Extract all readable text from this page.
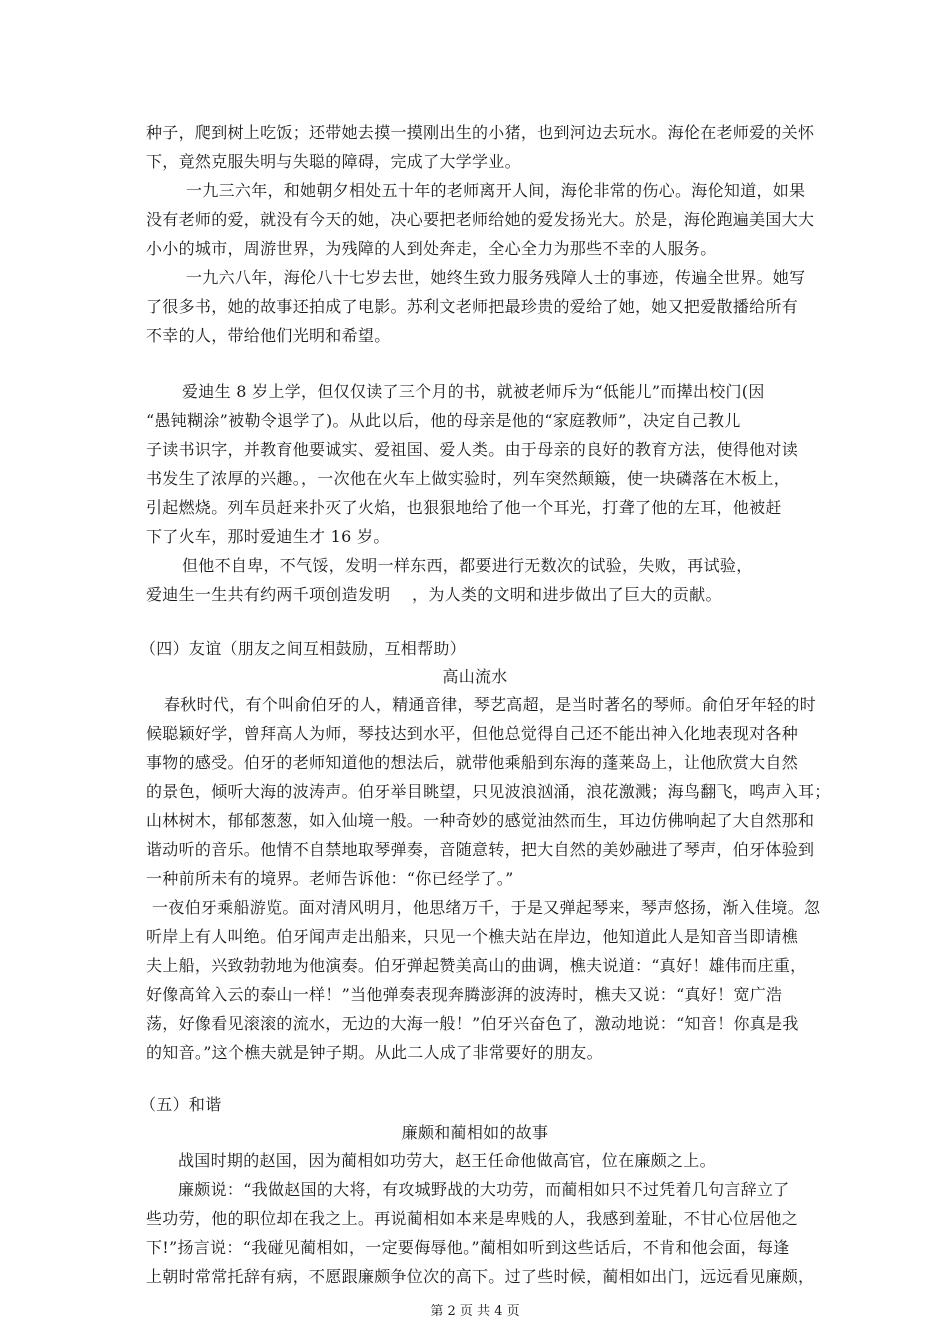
种子，爬到树上吃饭；还带她去摸一摸刚出生的小猪，也到河边去玩水。海伦在老师爱的关怀
下，竟然克服失明与失聪的障碍，完成了大学学业。
一九三六年，和她朝夕相处五十年的老师离开人间，海伦非常的伤心。海伦知道，如果
没有老师的爱，就没有今天的她，决心要把老师给她的爱发扬光大。於是，海伦跑遍美国大大
小小的城市，周游世界，为残障的人到处奔走，全心全力为那些不幸的人服务。
一九六八年，海伦八十七岁去世，她终生致力服务残障人士的事迹，传遍全世界。她写
了很多书，她的故事还拍成了电影。苏利文老师把最珍贵的爱给了她，她又把爱散播给所有
不幸的人，带给他们光明和希望。
爱迪生 8 岁上学，但仅仅读了三个月的书，就被老师斥为“低能儿”而撵出校门(因
“愚钝糊涂”被勒令退学了)。从此以后，他的母亲是他的“家庭教师”，决定自己教儿
子读书识字，并教育他要诚实、爱祖国、爱人类。由于母亲的良好的教育方法，使得他对读
书发生了浓厚的兴趣。，一次他在火车上做实验时，列车突然颠簸，使一块磷落在木板上，
引起燃烧。列车员赶来扑灭了火焰，也狠狠地给了他一个耳光，打聋了他的左耳，他被赶
下了火车，那时爱迪生才 16 岁。
但他不自卑，不气馁，发明一样东西，都要进行无数次的试验，失败，再试验，
爱迪生一生共有约两千项创造发明    ，为人类的文明和进步做出了巨大的贡献。
（四）友谊（朋友之间互相鼓励，互相帮助）
高山流水
春秋时代，有个叫俞伯牙的人，精通音律，琴艺高超，是当时著名的琴师。俞伯牙年轻的时
候聪颖好学，曾拜高人为师，琴技达到水平，但他总觉得自己还不能出神入化地表现对各种
事物的感受。伯牙的老师知道他的想法后，就带他乘船到东海的蓬莱岛上，让他欣赏大自然
的景色，倾听大海的波涛声。伯牙举目眺望，只见波浪汹涌，浪花激溅；海鸟翻飞，鸣声入耳；
山林树木，郁郁葱葱，如入仙境一般。一种奇妙的感觉油然而生，耳边仿佛响起了大自然那和
谐动听的音乐。他情不自禁地取琴弹奏，音随意转，把大自然的美妙融进了琴声，伯牙体验到
一种前所未有的境界。老师告诉他：“你已经学了。”
一夜伯牙乘船游览。面对清风明月，他思绪万千，于是又弹起琴来，琴声悠扬，渐入佳境。忽
听岸上有人叫绝。伯牙闻声走出船来，只见一个樵夫站在岸边，他知道此人是知音当即请樵
夫上船，兴致勃勃地为他演奏。伯牙弹起赞美高山的曲调，樵夫说道：“真好！雄伟而庄重，
好像高耸入云的泰山一样！”当他弹奏表现奔腾澎湃的波涛时，樵夫又说：“真好！宽广浩
荡，好像看见滚滚的流水，无边的大海一般！”伯牙兴奋色了，激动地说：“知音！你真是我
的知音。”这个樵夫就是钟子期。从此二人成了非常要好的朋友。
（五）和谐
廉颇和蔺相如的故事
战国时期的赵国，因为蔺相如功劳大，赵王任命他做高官，位在廉颇之上。
廉颇说：“我做赵国的大将，有攻城野战的大功劳，而蔺相如只不过凭着几句言辞立了
些功劳，他的职位却在我之上。再说蔺相如本来是卑贱的人，我感到羞耻，不甘心位居他之
下!”扬言说：“我碰见蔺相如，一定要侮辱他。”蔺相如听到这些话后，不肯和他会面，每逢
上朝时常常托辞有病，不愿跟廉颇争位次的高下。过了些时候，蔺相如出门，远远看见廉颇，
第 2 页 共 4 页
